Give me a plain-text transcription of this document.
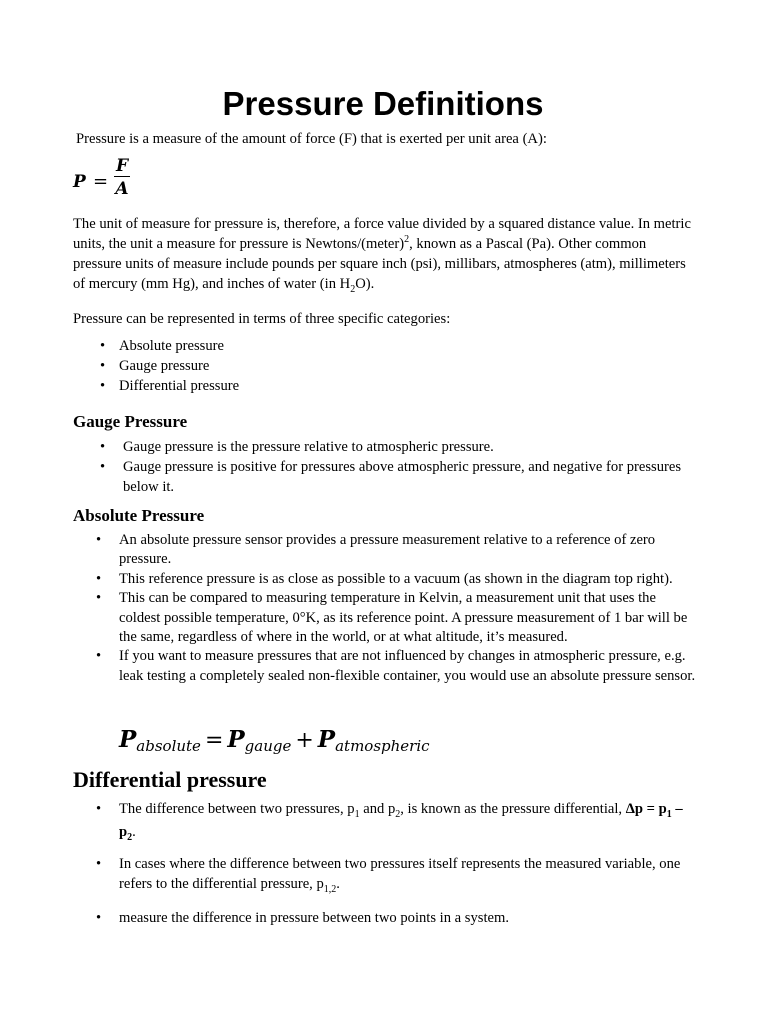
Pressure Definitions

Pressure is a measure of the amount of force (F) that is exerted per unit area (A):

$P = \frac{F}{A}$

The unit of measure for pressure is, therefore, a force value divided by a squared distance value. In metric units, the unit a measure for pressure is Newtons/(meter)$^2$, known as a Pascal (Pa). Other common pressure units of measure include pounds per square inch (psi), millibars, atmospheres (atm), millimeters of mercury (mm Hg), and inches of water (in $H_2O$).

Pressure can be represented in terms of three specific categories:

• Absolute pressure
• Gauge pressure
• Differential pressure
Gauge Pressure
• Gauge pressure is the pressure relative to atmospheric pressure.
• Gauge pressure is positive for pressures above atmospheric pressure, and negative for pressures below it.
Absolute Pressure
• An absolute pressure sensor provides a pressure measurement relative to a reference of zero pressure.
• This reference pressure is as close as possible to a vacuum (as shown in the diagram top right).
• This can be compared to measuring temperature in Kelvin, a measurement unit that uses the coldest possible temperature, 0°K, as its reference point. A pressure measurement of 1 bar will be the same, regardless of where in the world, or at what altitude, it’s measured.
• If you want to measure pressures that are not influenced by changes in atmospheric pressure, e.g. leak testing a completely sealed non-flexible container, you would use an absolute pressure sensor.
Pabsolute = Pgauge + Patmospheric
Differential pressure
• The difference between two pressures, $p_1$ and $p_2$, is known as the pressure differential, $\Delta p = p_1 - p_2$.
• In cases where the difference between two pressures itself represents the measured variable, one refers to the differential pressure, $p_{1,2}$.
• measure the difference in pressure between two points in a system.
